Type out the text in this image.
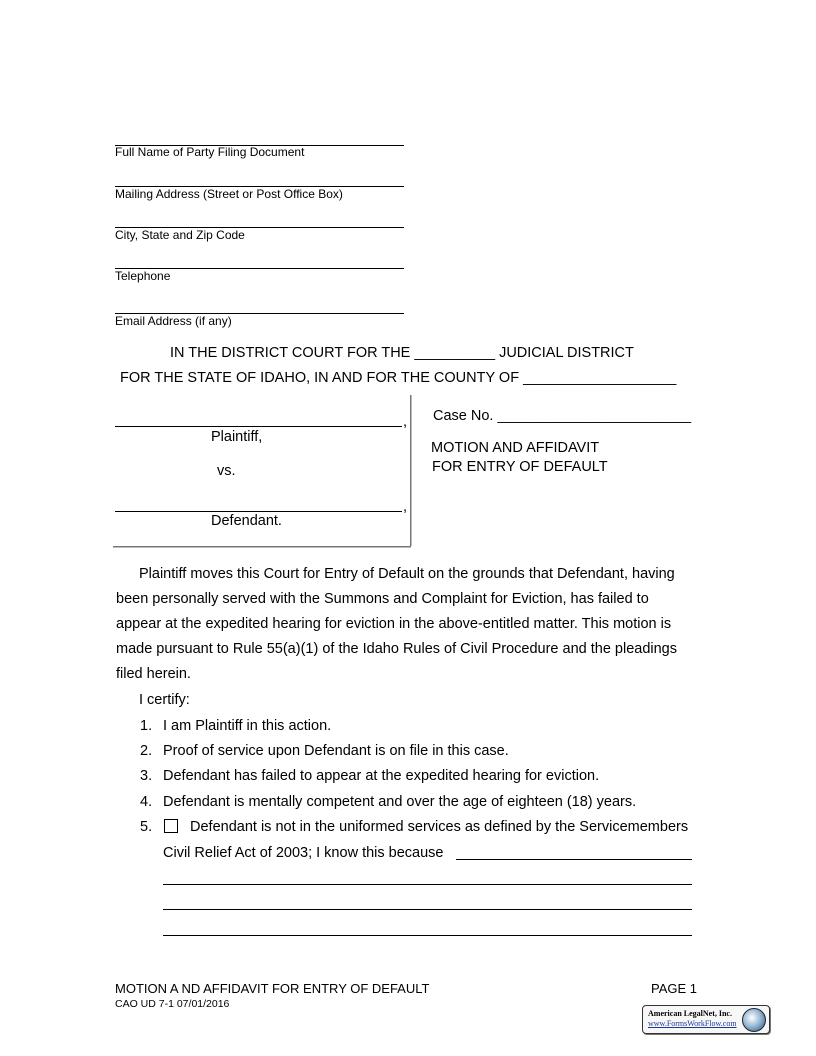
Full Name of Party Filing Document
Mailing Address (Street or Post Office Box)
City, State and Zip Code
Telephone
Email Address (if any)
IN THE DISTRICT COURT FOR THE __________ JUDICIAL DISTRICT
FOR THE STATE OF IDAHO, IN AND FOR THE COUNTY OF ___________________
,
Plaintiff,
vs.
,
Defendant.
Case No. ________________________
MOTION AND AFFIDAVIT
FOR ENTRY OF DEFAULT
Plaintiff moves this Court for Entry of Default on the grounds that Defendant, having
been personally served with the Summons and Complaint for Eviction, has failed to
appear at the expedited hearing for eviction in the above-entitled matter. This motion is
made pursuant to Rule 55(a)(1) of the Idaho Rules of Civil Procedure and the pleadings
filed herein.
I certify:
1. I am Plaintiff in this action.
2. Proof of service upon Defendant is on file in this case.
3. Defendant has failed to appear at the expedited hearing for eviction.
4. Defendant is mentally competent and over the age of eighteen (18) years.
5.	Defendant is not in the uniformed services as defined by the Servicemembers
Civil Relief Act of 2003; I know this because
MOTION A ND AFFIDAVIT FOR ENTRY OF DEFAULT
CAO UD 7-1 07/01/2016
PAGE 1
American LegalNet, Inc.
www.FormsWorkFlow.com
